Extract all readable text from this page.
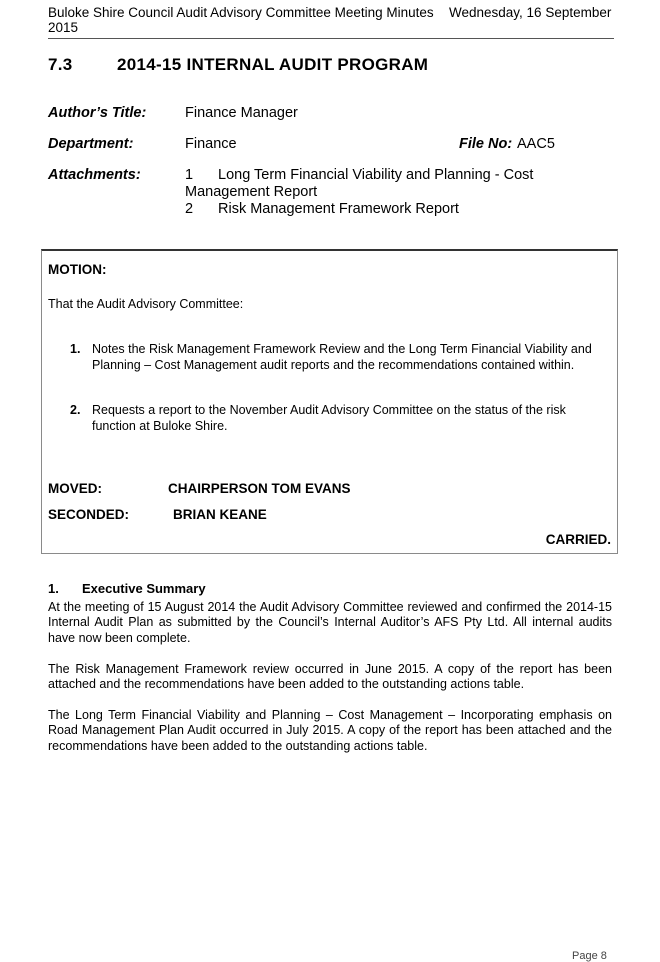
Buloke Shire Council Audit Advisory Committee Meeting Minutes 2015
Wednesday, 16 September
7.3	2014-15 INTERNAL AUDIT PROGRAM
Author’s Title:	Finance Manager
Department:	Finance	File No: AAC5
Attachments:	1 Long Term Financial Viability and Planning - Cost Management Report
2 Risk Management Framework Report
MOTION:
That the Audit Advisory Committee:
1. Notes the Risk Management Framework Review and the Long Term Financial Viability and Planning – Cost Management audit reports and the recommendations contained within.
2. Requests a report to the November Audit Advisory Committee on the status of the risk function at Buloke Shire.
MOVED:	CHAIRPERSON TOM EVANS
SECONDED:	BRIAN KEANE
CARRIED.
1. Executive Summary
At the meeting of 15 August 2014 the Audit Advisory Committee reviewed and confirmed the 2014-15 Internal Audit Plan as submitted by the Council’s Internal Auditor’s AFS Pty Ltd. All internal audits have now been complete.
The Risk Management Framework review occurred in June 2015. A copy of the report has been attached and the recommendations have been added to the outstanding actions table.
The Long Term Financial Viability and Planning – Cost Management – Incorporating emphasis on Road Management Plan Audit occurred in July 2015. A copy of the report has been attached and the recommendations have been added to the outstanding actions table.
Page 8
